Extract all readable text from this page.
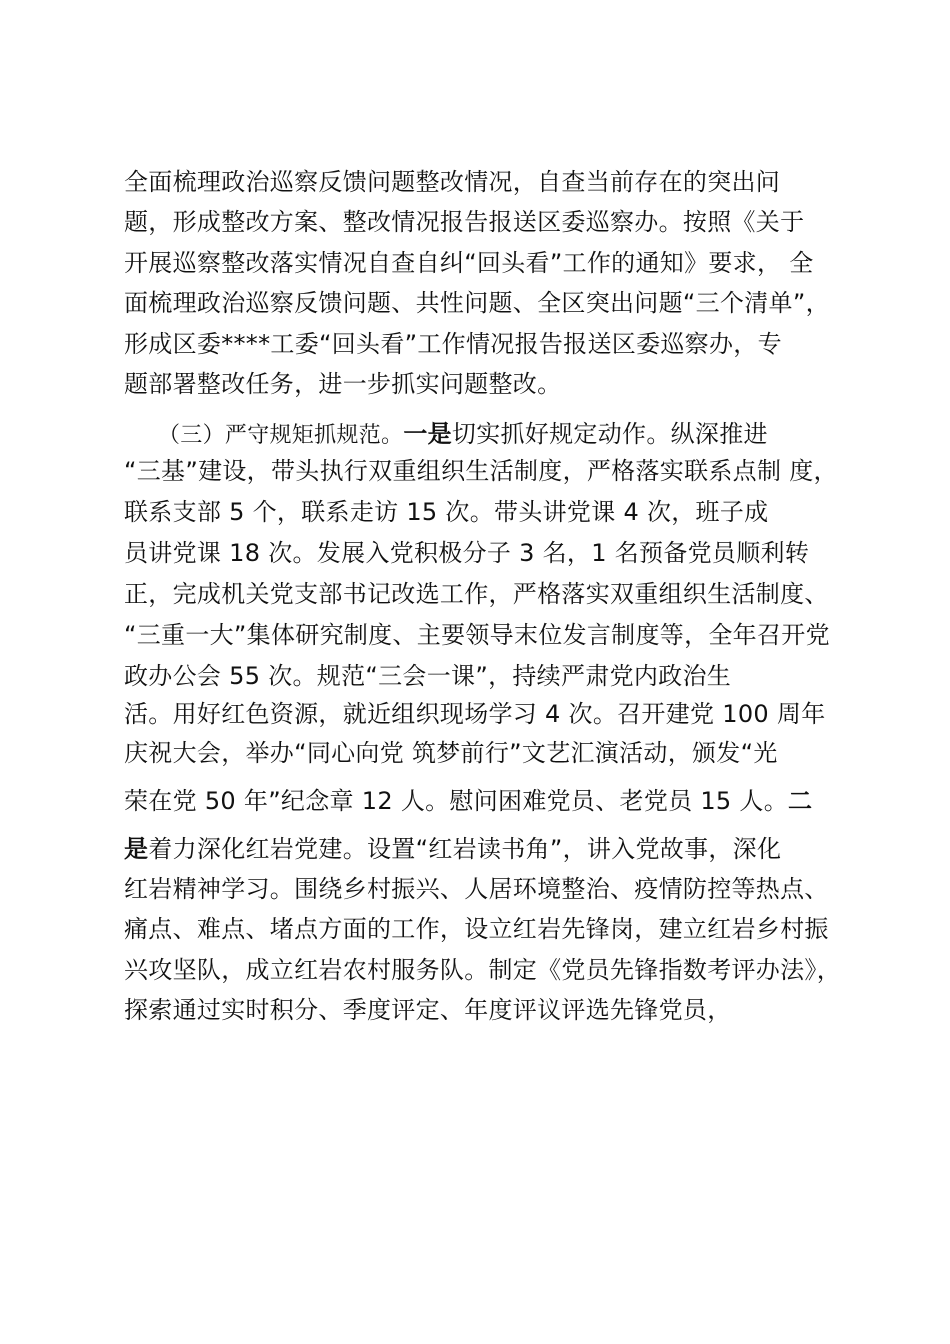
全面梳理政治巡察反馈问题整改情况，自查当前存在的突出问
题，形成整改方案、整改情况报告报送区委巡察办。按照《关于
开展巡察整改落实情况自查自纠“回头看”工作的通知》要求， 全
面梳理政治巡察反馈问题、共性问题、全区突出问题“三个清单”，
形成区委****工委“回头看”工作情况报告报送区委巡察办，专
题部署整改任务，进一步抓实问题整改。
（三）严守规矩抓规范。一是切实抓好规定动作。纵深推进
“三基”建设，带头执行双重组织生活制度，严格落实联系点制 度，
联系支部 5 个，联系走访 15 次。带头讲党课 4 次，班子成
员讲党课 18 次。发展入党积极分子 3 名，1 名预备党员顺利转
正，完成机关党支部书记改选工作，严格落实双重组织生活制度、
“三重一大”集体研究制度、主要领导末位发言制度等，全年召开党
政办公会 55 次。规范“三会一课”，持续严肃党内政治生
活。用好红色资源，就近组织现场学习 4 次。召开建党 100 周年
庆祝大会，举办“同心向党 筑梦前行”文艺汇演活动，颁发“光
荣在党 50 年”纪念章 12 人。慰问困难党员、老党员 15 人。二
是着力深化红岩党建。设置“红岩读书角”，讲入党故事，深化
红岩精神学习。围绕乡村振兴、人居环境整治、疫情防控等热点、
痛点、难点、堵点方面的工作，设立红岩先锋岗，建立红岩乡村振
兴攻坚队，成立红岩农村服务队。制定《党员先锋指数考评办法》，
探索通过实时积分、季度评定、年度评议评选先锋党员，
